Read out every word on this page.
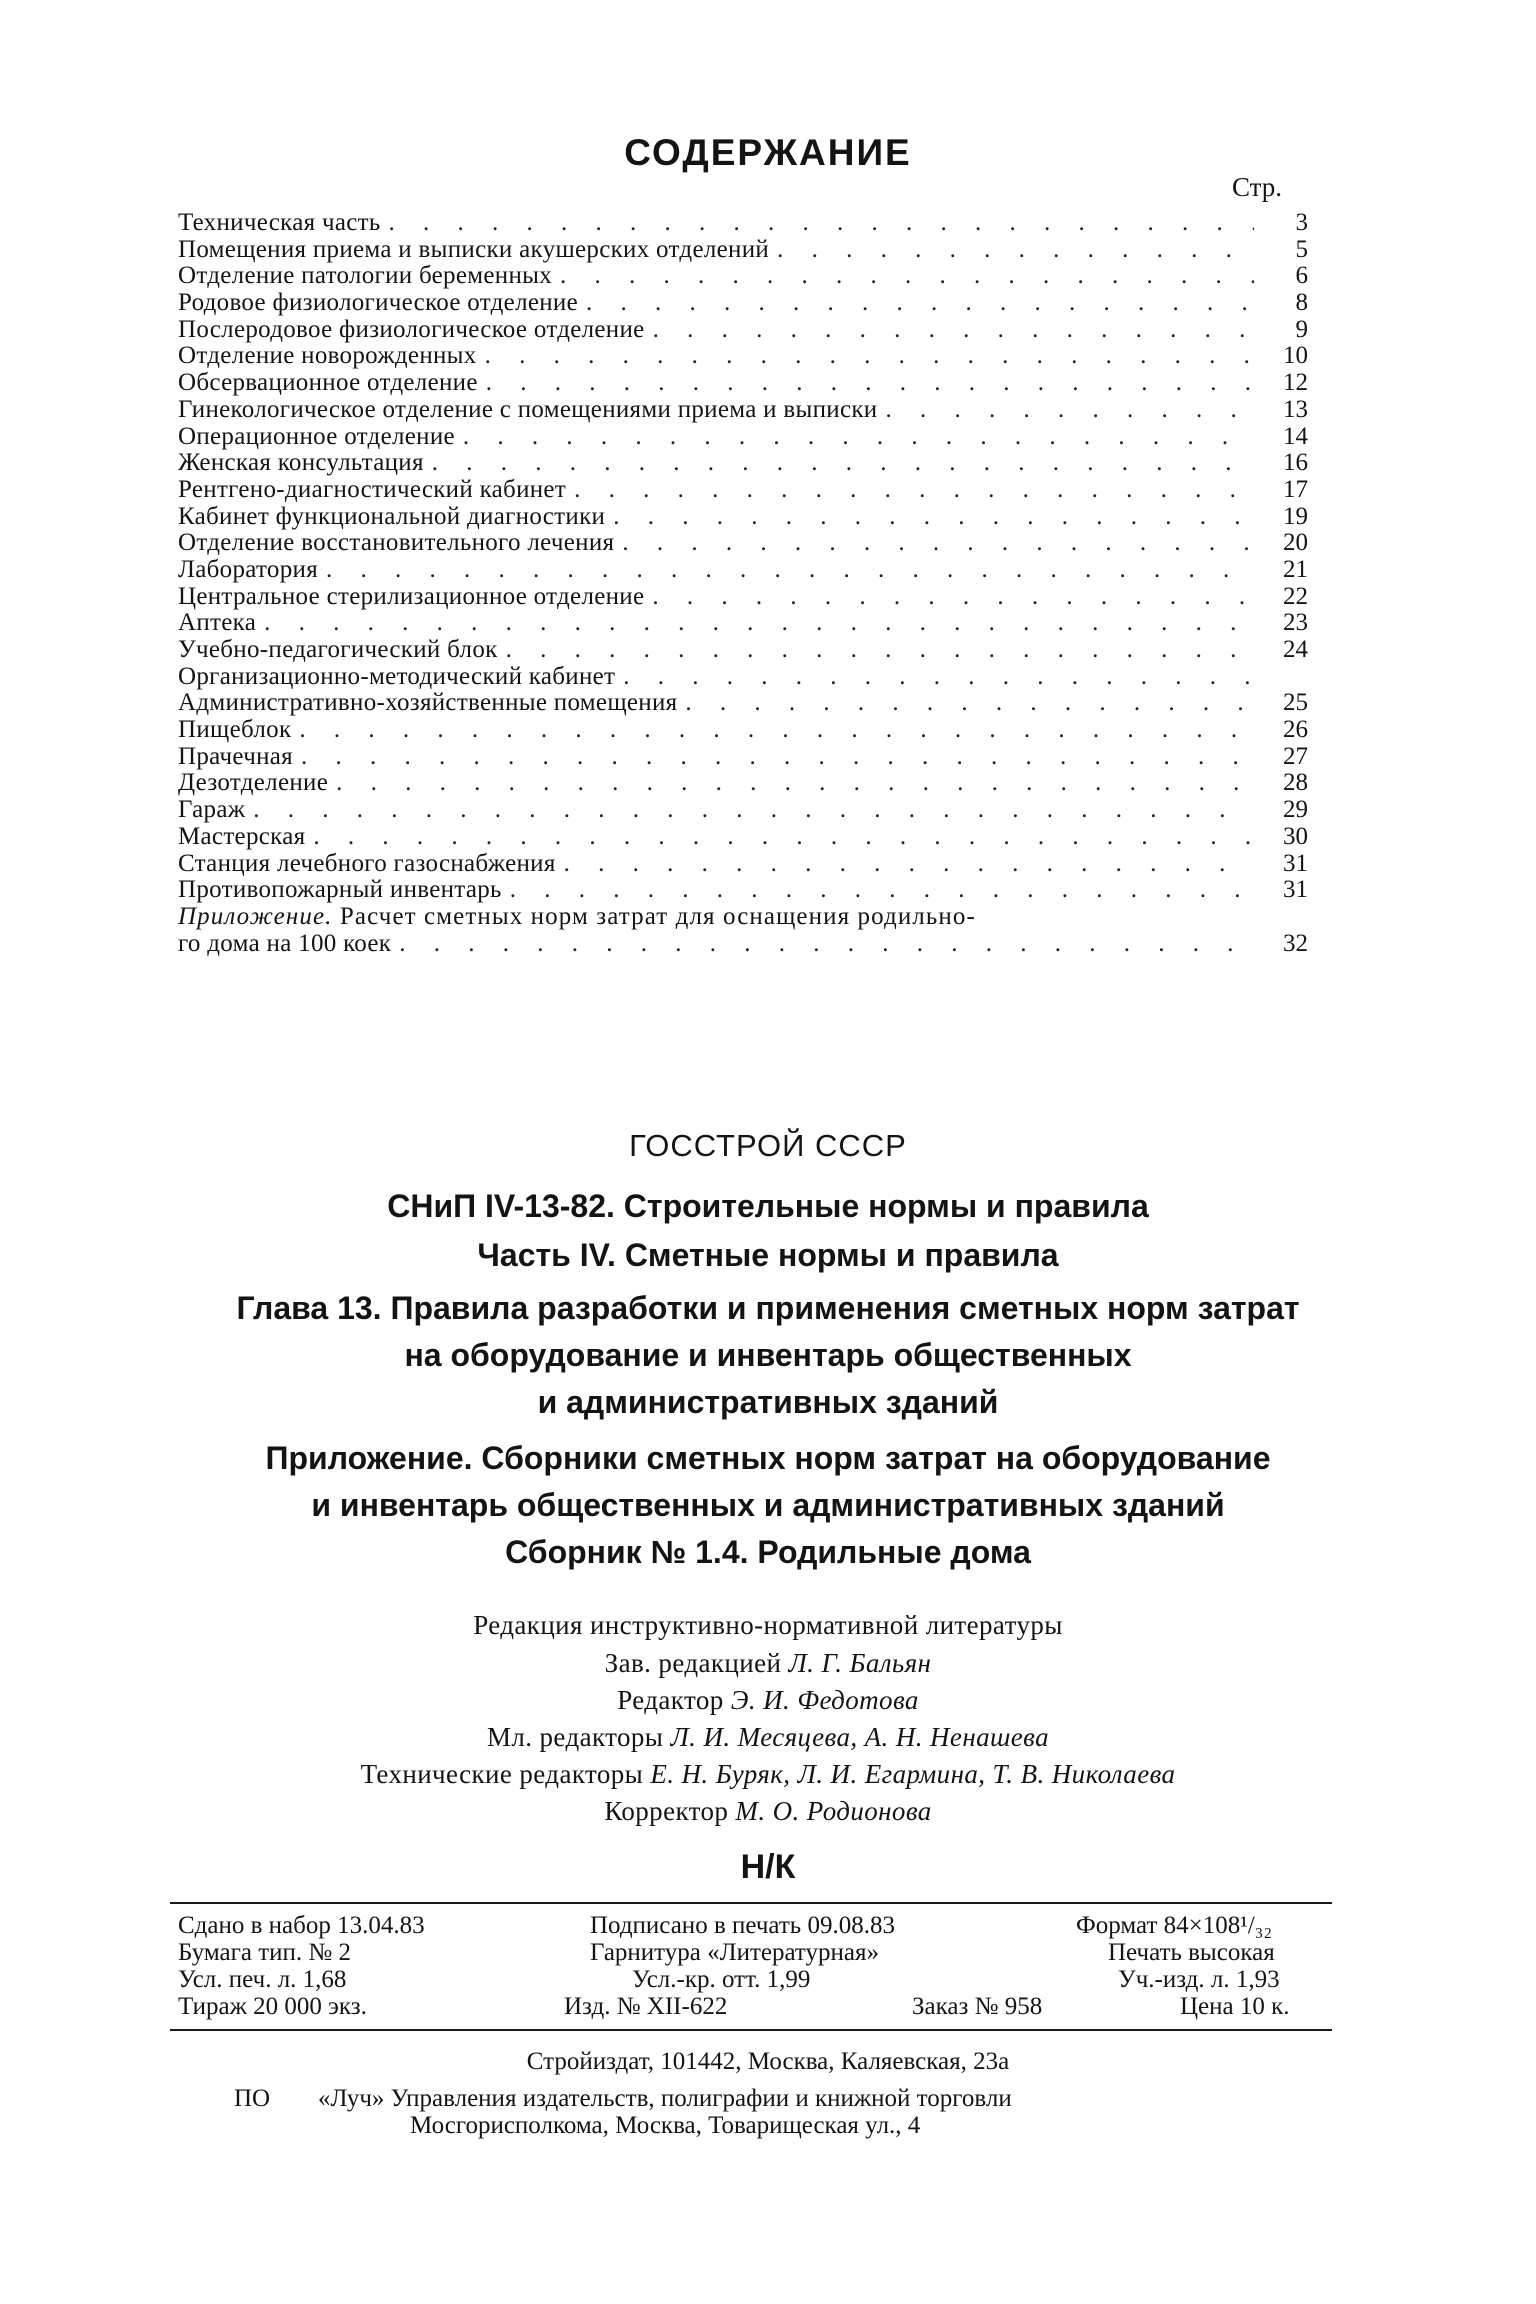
СОДЕРЖАНИЕ
Стр.
Техническая часть . . .	3
Помещения приема и выписки акушерских отделений . . .	5
Отделение патологии беременных . . .	6
Родовое физиологическое отделение . . .	8
Послеродовое физиологическое отделение . . .	9
Отделение новорожденных . . .	10
Обсервационное отделение . . .	12
Гинекологическое отделение с помещениями приема и выписки . . .	13
Операционное отделение . . .	14
Женская консультация . . .	16
Рентгено-диагностический кабинет . . .	17
Кабинет функциональной диагностики . . .	19
Отделение восстановительного лечения . . .	20
Лаборатория . . .	21
Центральное стерилизационное отделение . . .	22
Аптека . . .	23
Учебно-педагогический блок . . .	24
Организационно-методический кабинет
. . .
Административно-хозяйственные помещения . . .	25
Пищеблок . . .	26
Прачечная . . .	27
Дезотделение . . .	28
Гараж . . .	29
Мастерская . . .	30
Станция лечебного газоснабжения . . .	31
Противопожарный инвентарь . . .	31
Приложение. Расчет сметных норм затрат для оснащения родильно-
го дома на 100 коек . . .	32
ГОССТРОЙ СССР
СНиП IV-13-82. Строительные нормы и правила
Часть IV. Сметные нормы и правила
Глава 13. Правила разработки и применения сметных норм затрат
на оборудование и инвентарь общественных
и административных зданий
Приложение. Сборники сметных норм затрат на оборудование
и инвентарь общественных и административных зданий
Сборник № 1.4. Родильные дома
Редакция инструктивно-нормативной литературы
Зав. редакцией Л. Г. Бальян
Редактор Э. И. Федотова
Мл. редакторы Л. И. Месяцева, А. Н. Ненашева
Технические редакторы Е. Н. Буряк, Л. И. Егармина, Т. В. Николаева
Корректор М. О. Родионова
Н/К
Сдано в набор 13.04.83	Подписано в печать 09.08.83	Формат 84×108¹/₃₂
Бумага тип. № 2	Гарнитура «Литературная»	Печать высокая
Усл. печ. л. 1,68	Усл.-кр. отт. 1,99	Уч.-изд. л. 1,93
Тираж 20 000 экз.	Изд. № XII-622	Заказ № 958	Цена 10 к.
Стройиздат, 101442, Москва, Каляевская, 23а
ПО «Луч» Управления издательств, полиграфии и книжной торговли
Мосгорисполкома, Москва, Товарищеская ул., 4
